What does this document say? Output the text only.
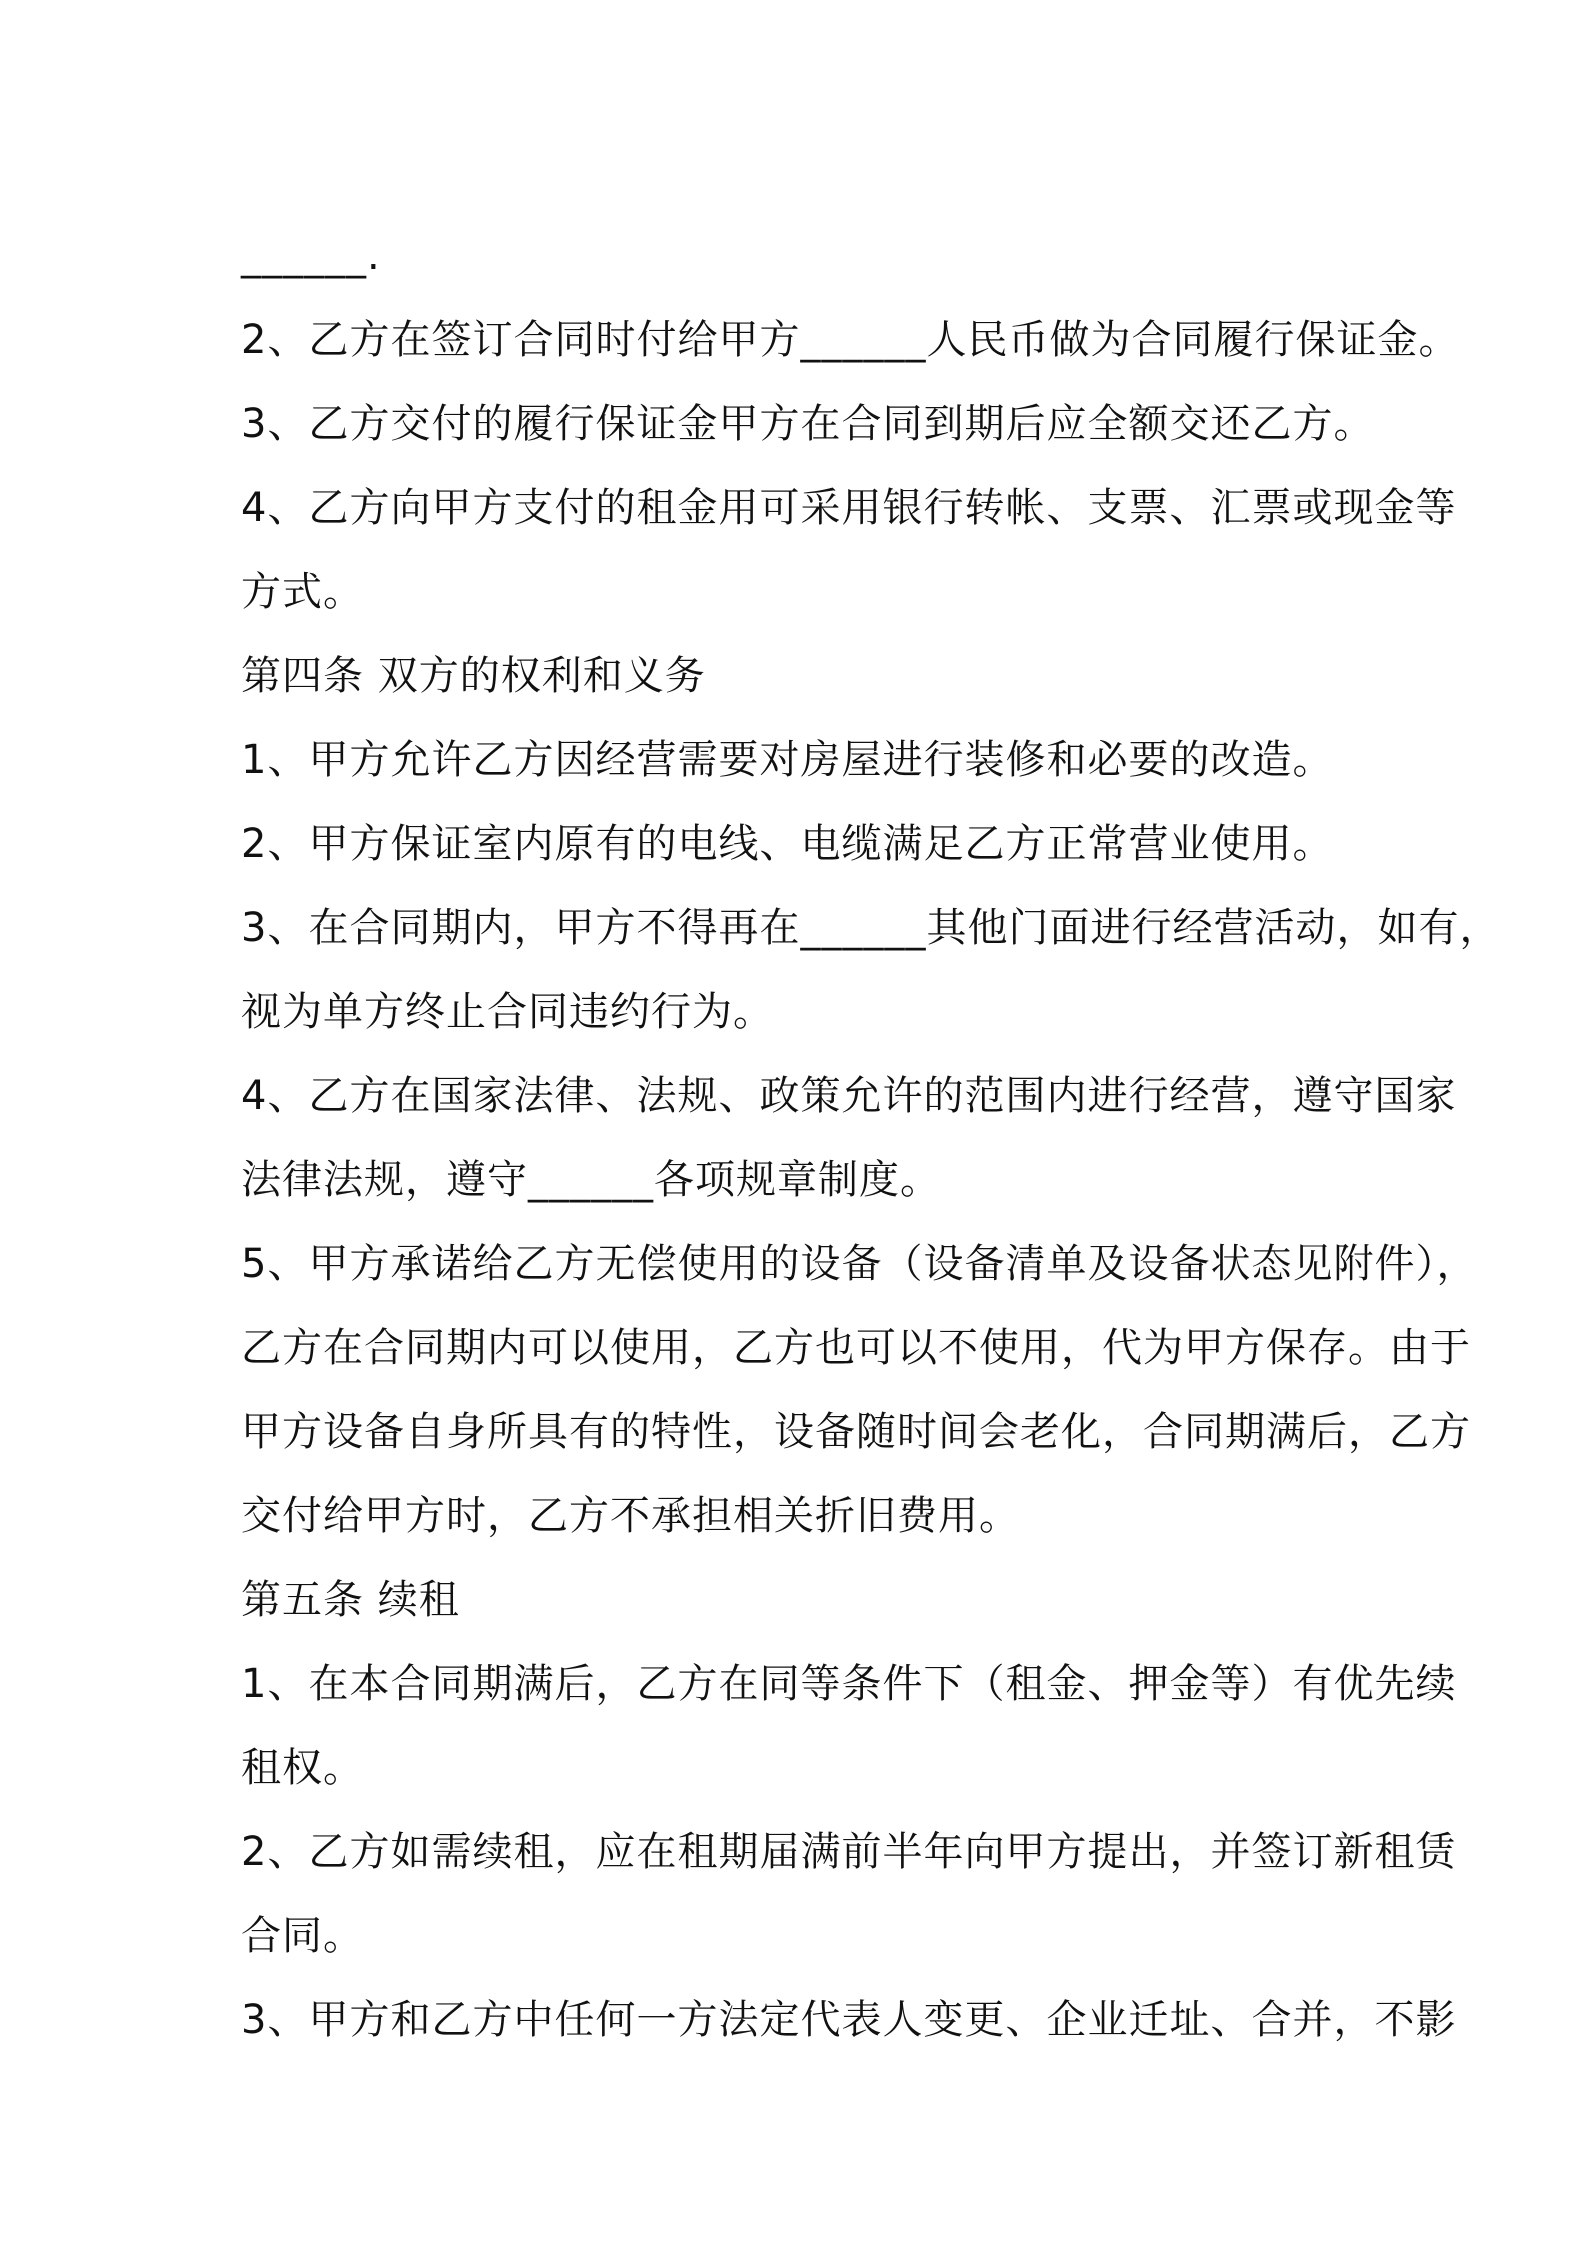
______.
2、乙方在签订合同时付给甲方______人民币做为合同履行保证金。
3、乙方交付的履行保证金甲方在合同到期后应全额交还乙方。
4、乙方向甲方支付的租金用可采用银行转帐、支票、汇票或现金等
方式。
第四条 双方的权利和义务
1、甲方允许乙方因经营需要对房屋进行装修和必要的改造。
2、甲方保证室内原有的电线、电缆满足乙方正常营业使用。
3、在合同期内，甲方不得再在______其他门面进行经营活动，如有，
视为单方终止合同违约行为。
4、乙方在国家法律、法规、政策允许的范围内进行经营，遵守国家
法律法规，遵守______各项规章制度。
5、甲方承诺给乙方无偿使用的设备（设备清单及设备状态见附件），
乙方在合同期内可以使用，乙方也可以不使用，代为甲方保存。由于
甲方设备自身所具有的特性，设备随时间会老化，合同期满后，乙方
交付给甲方时，乙方不承担相关折旧费用。
第五条 续租
1、在本合同期满后，乙方在同等条件下（租金、押金等）有优先续
租权。
2、乙方如需续租，应在租期届满前半年向甲方提出，并签订新租赁
合同。
3、甲方和乙方中任何一方法定代表人变更、企业迁址、合并，不影
